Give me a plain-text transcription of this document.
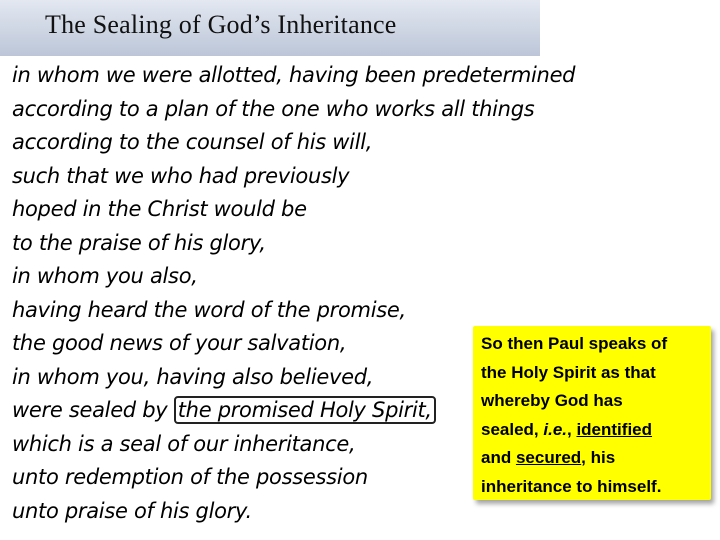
The Sealing of God’s Inheritance
in whom we were allotted, having been predetermined
according to a plan of the one who works all things
according to the counsel of his will,
such that we who had previously
hoped in the Christ would be
to the praise of his glory,
in whom you also,
having heard the word of the promise,
the good news of your salvation,
in whom you, having also believed,
were sealed by the promised Holy Spirit,
which is a seal of our inheritance,
unto redemption of the possession
unto praise of his glory.
So then Paul speaks of
the Holy Spirit as that
whereby God has
sealed, i.e., identified
and secured, his
inheritance to himself.
